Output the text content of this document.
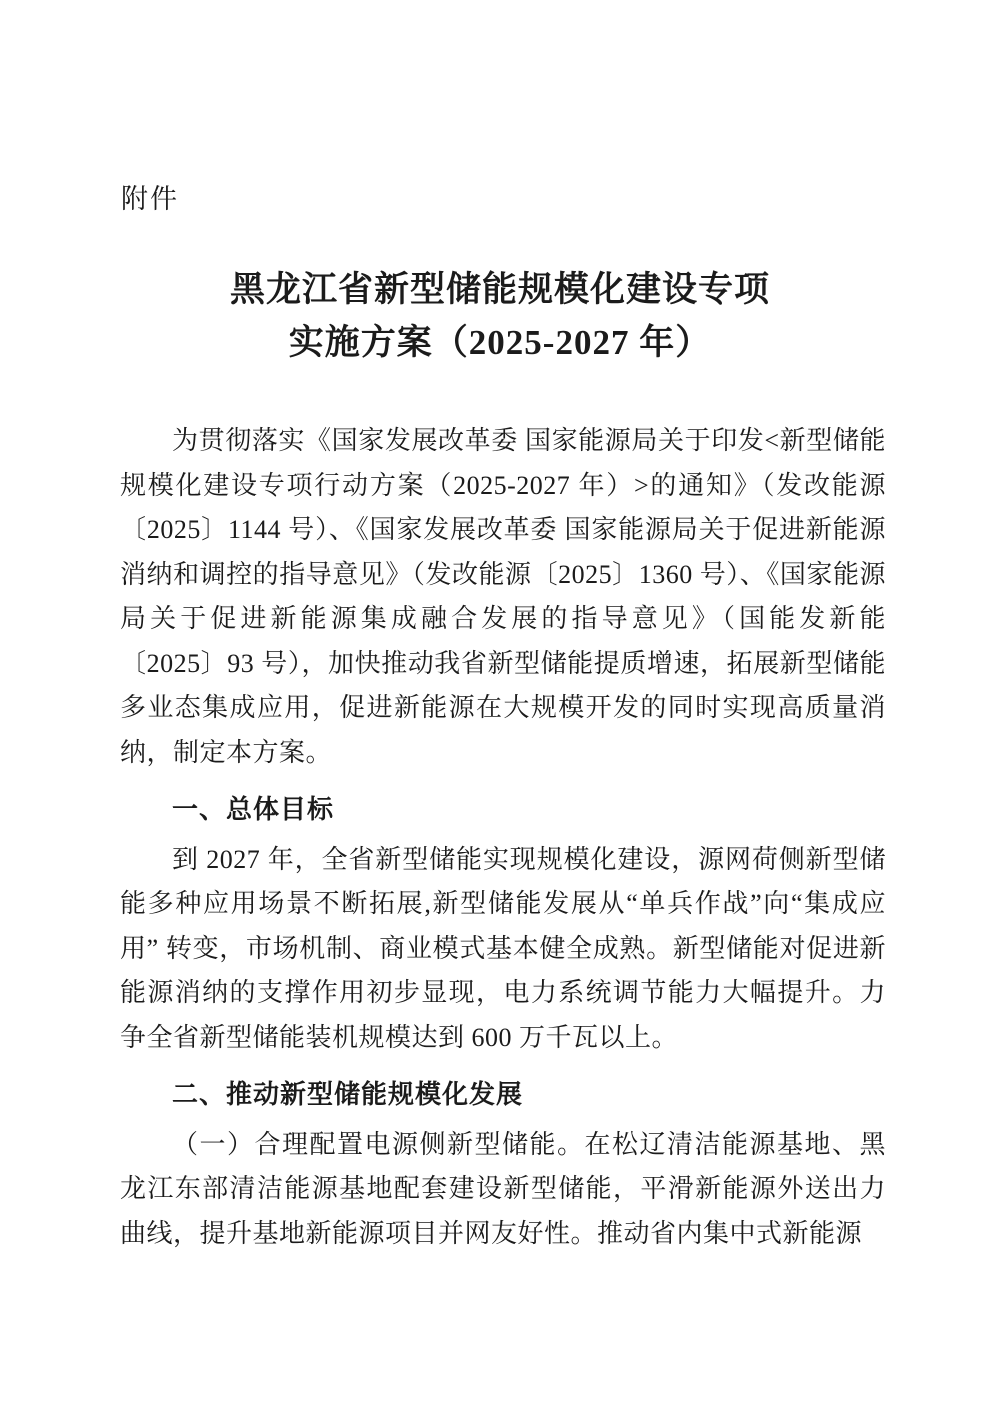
附件
黑龙江省新型储能规模化建设专项
实施方案（2025-2027 年）

为贯彻落实《国家发展改革委 国家能源局关于印发<新型储能规模化建设专项行动方案（2025-2027 年）>的通知》（发改能源〔2025〕1144 号）、《国家发展改革委 国家能源局关于促进新能源消纳和调控的指导意见》（发改能源〔2025〕1360 号）、《国家能源局关于促进新能源集成融合发展的指导意见》（国能发新能〔2025〕93 号），加快推动我省新型储能提质增速，拓展新型储能多业态集成应用，促进新能源在大规模开发的同时实现高质量消纳，制定本方案。

一、总体目标

到 2027 年，全省新型储能实现规模化建设，源网荷侧新型储能多种应用场景不断拓展,新型储能发展从“单兵作战”向“集成应用” 转变，市场机制、商业模式基本健全成熟。新型储能对促进新能源消纳的支撑作用初步显现，电力系统调节能力大幅提升。力争全省新型储能装机规模达到 600 万千瓦以上。

二、推动新型储能规模化发展

（一）合理配置电源侧新型储能。在松辽清洁能源基地、黑龙江东部清洁能源基地配套建设新型储能，平滑新能源外送出力曲线，提升基地新能源项目并网友好性。推动省内集中式新能源
